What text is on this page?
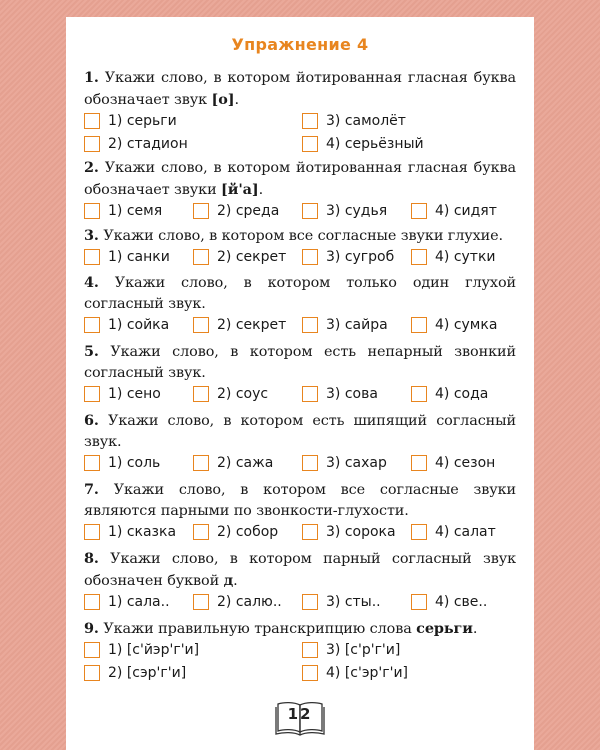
Упражнение 4
1. Укажи слово, в котором йотированная гласная буква обозначает звук [о].
1) серьги	3) самолёт
2) стадион	4) серьёзный
2. Укажи слово, в котором йотированная гласная буква обозначает звуки [й'а].
1) семя	2) среда	3) судья	4) сидят
3. Укажи слово, в котором все согласные звуки глухие.
1) санки	2) секрет	3) сугроб	4) сутки
4. Укажи слово, в котором только один глухой согласный звук.
1) сойка	2) секрет	3) сайра	4) сумка
5. Укажи слово, в котором есть непарный звонкий согласный звук.
1) сено	2) соус	3) сова	4) сода
6. Укажи слово, в котором есть шипящий согласный звук.
1) соль	2) сажа	3) сахар	4) сезон
7. Укажи слово, в котором все согласные звуки являются парными по звонкости-глухости.
1) сказка	2) собор	3) сорока	4) салат
8. Укажи слово, в котором парный согласный звук обозначен буквой д.
1) сала..	2) салю..	3) сты..	4) све..
9. Укажи правильную транскрипцию слова серьги.
1) [с'йэр'г'и]	3) [с'р'г'и]
2) [сэр'г'и]	4) [с'эр'г'и]
12
